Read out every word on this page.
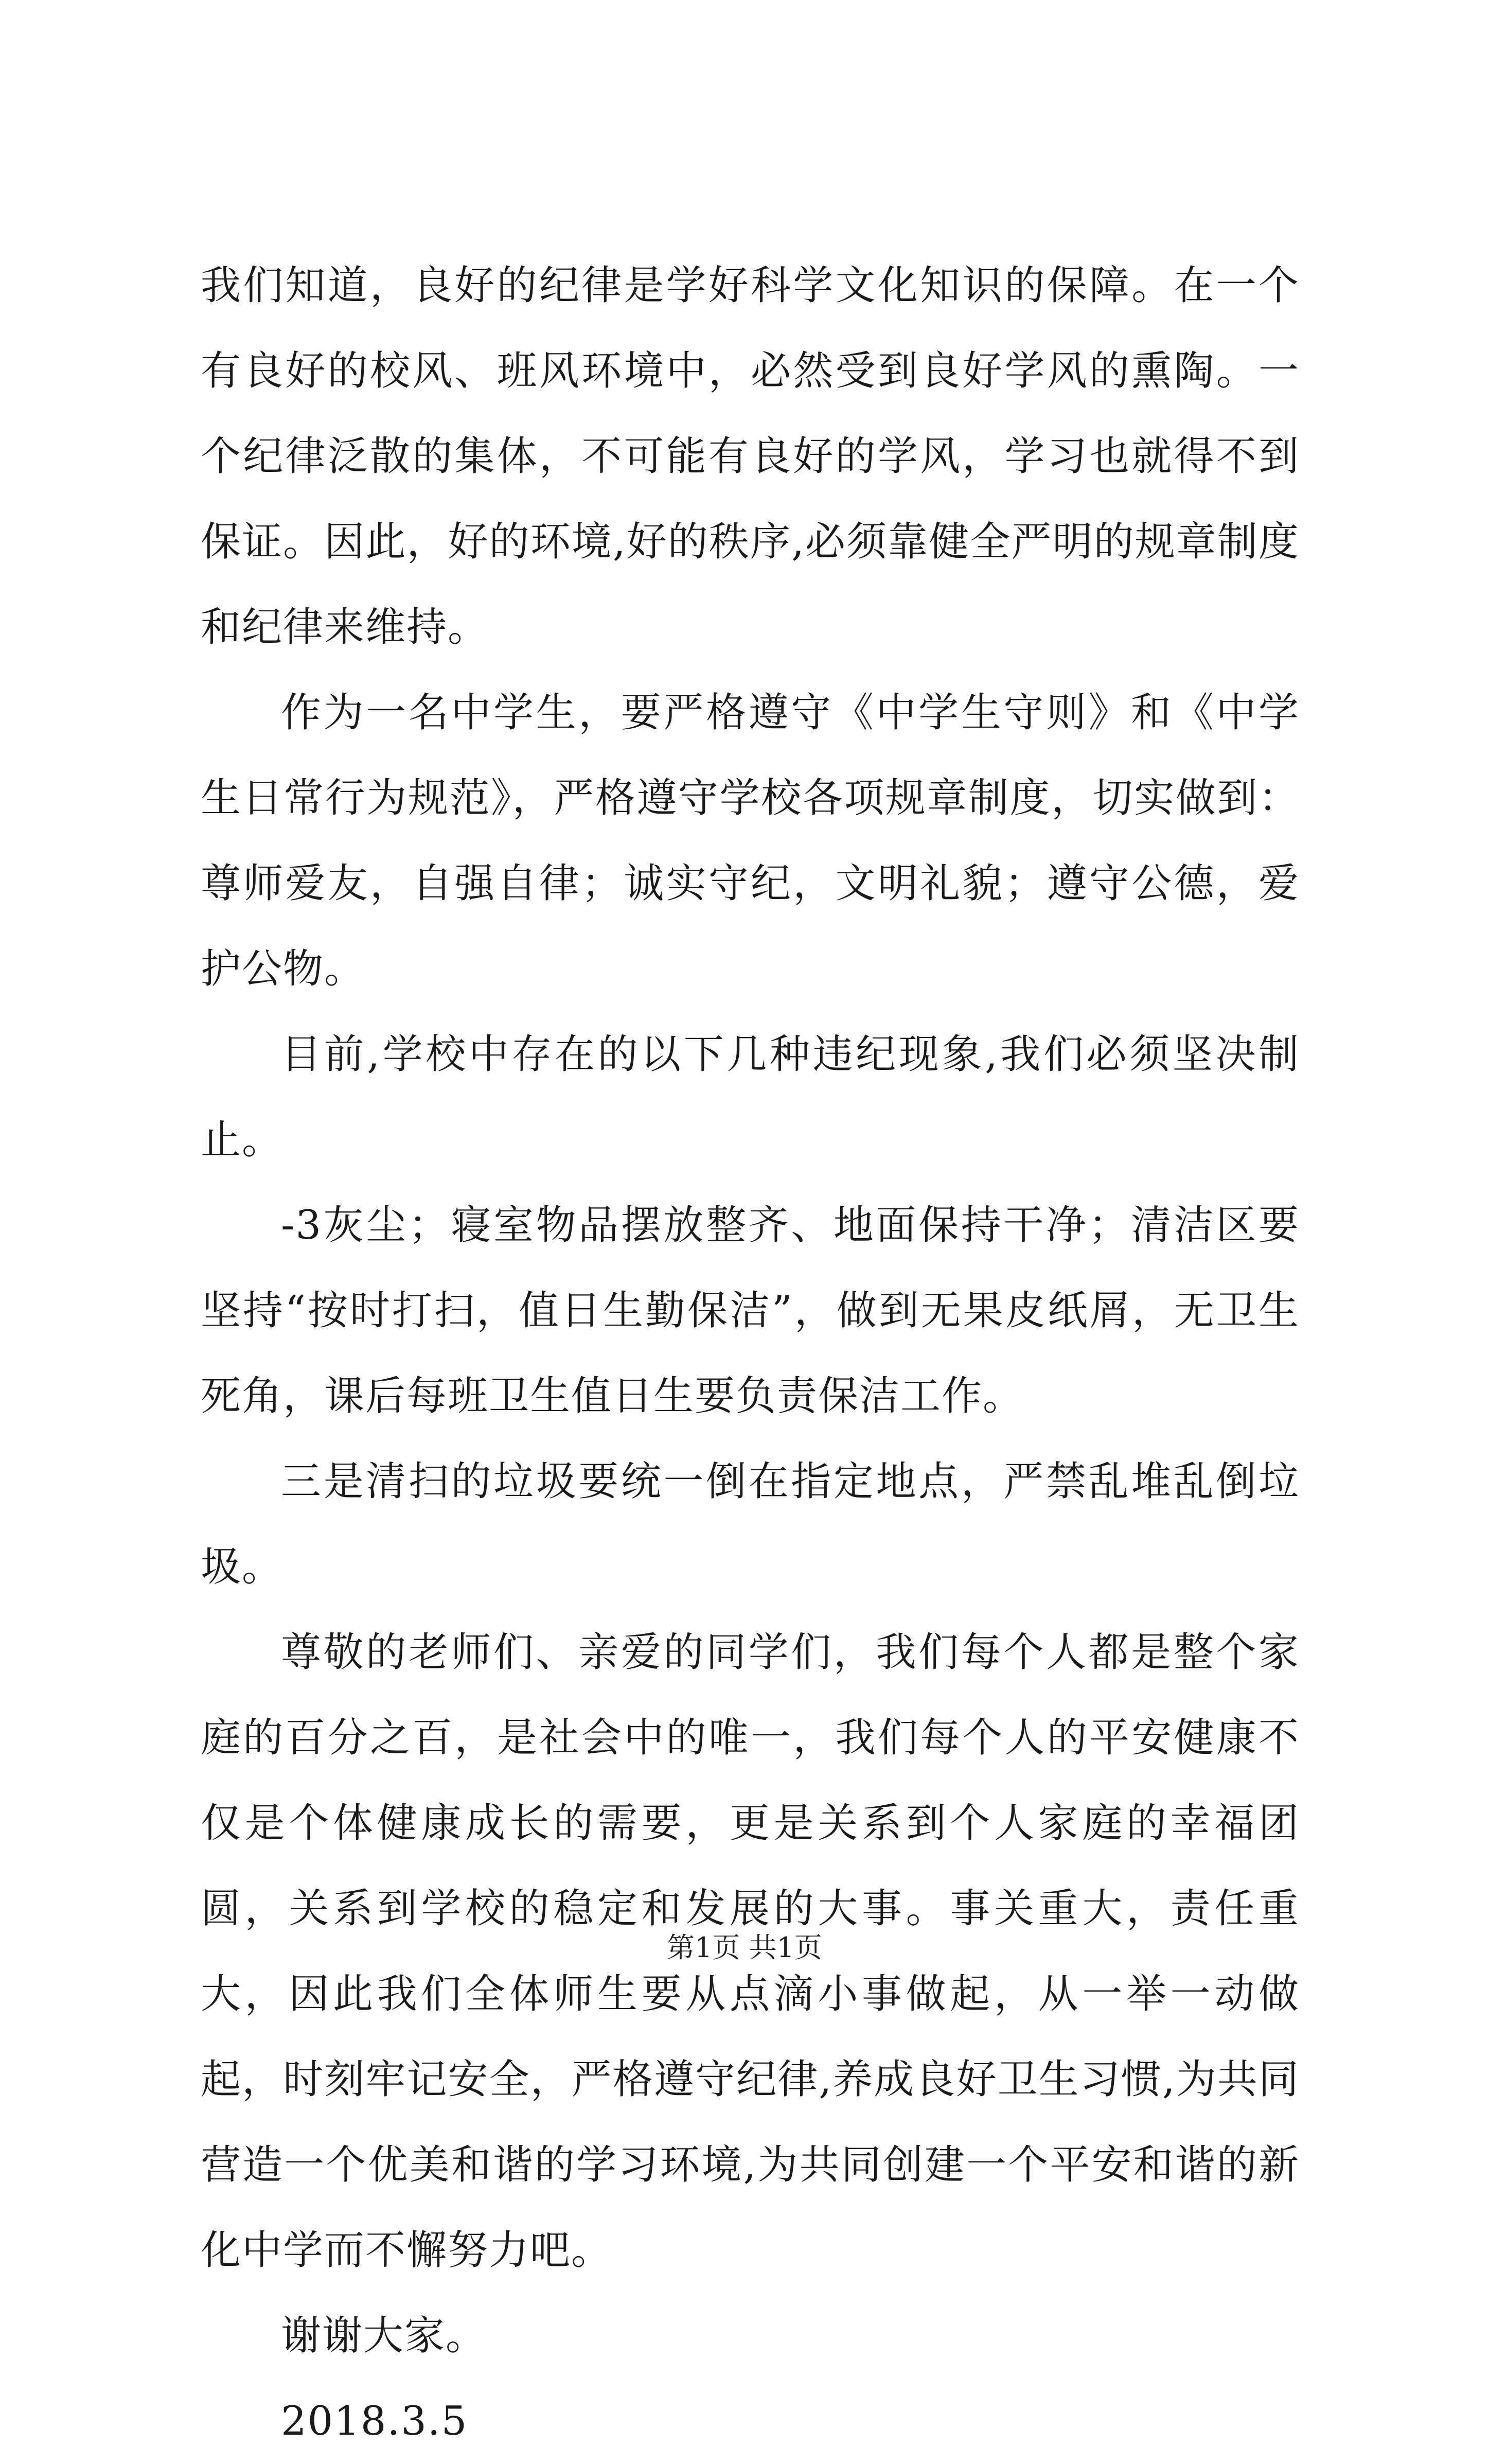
我们知道，良好的纪律是学好科学文化知识的保障。在一个有良好的校风、班风环境中，必然受到良好学风的熏陶。一个纪律泛散的集体，不可能有良好的学风，学习也就得不到保证。因此，好的环境,好的秩序,必须靠健全严明的规章制度和纪律来维持。

作为一名中学生，要严格遵守《中学生守则》和《中学生日常行为规范》，严格遵守学校各项规章制度，切实做到：尊师爱友，自强自律；诚实守纪，文明礼貌；遵守公德，爱护公物。

目前,学校中存在的以下几种违纪现象,我们必须坚决制止。

-3灰尘；寝室物品摆放整齐、地面保持干净；清洁区要坚持“按时打扫，值日生勤保洁”，做到无果皮纸屑，无卫生死角，课后每班卫生值日生要负责保洁工作。

三是清扫的垃圾要统一倒在指定地点，严禁乱堆乱倒垃圾。

尊敬的老师们、亲爱的同学们，我们每个人都是整个家庭的百分之百，是社会中的唯一，我们每个人的平安健康不仅是个体健康成长的需要，更是关系到个人家庭的幸福团圆，关系到学校的稳定和发展的大事。事关重大，责任重大，因此我们全体师生要从点滴小事做起，从一举一动做起，时刻牢记安全，严格遵守纪律,养成良好卫生习惯,为共同营造一个优美和谐的学习环境,为共同创建一个平安和谐的新化中学而不懈努力吧。

谢谢大家。

2018.3.5

第1页 共1页
